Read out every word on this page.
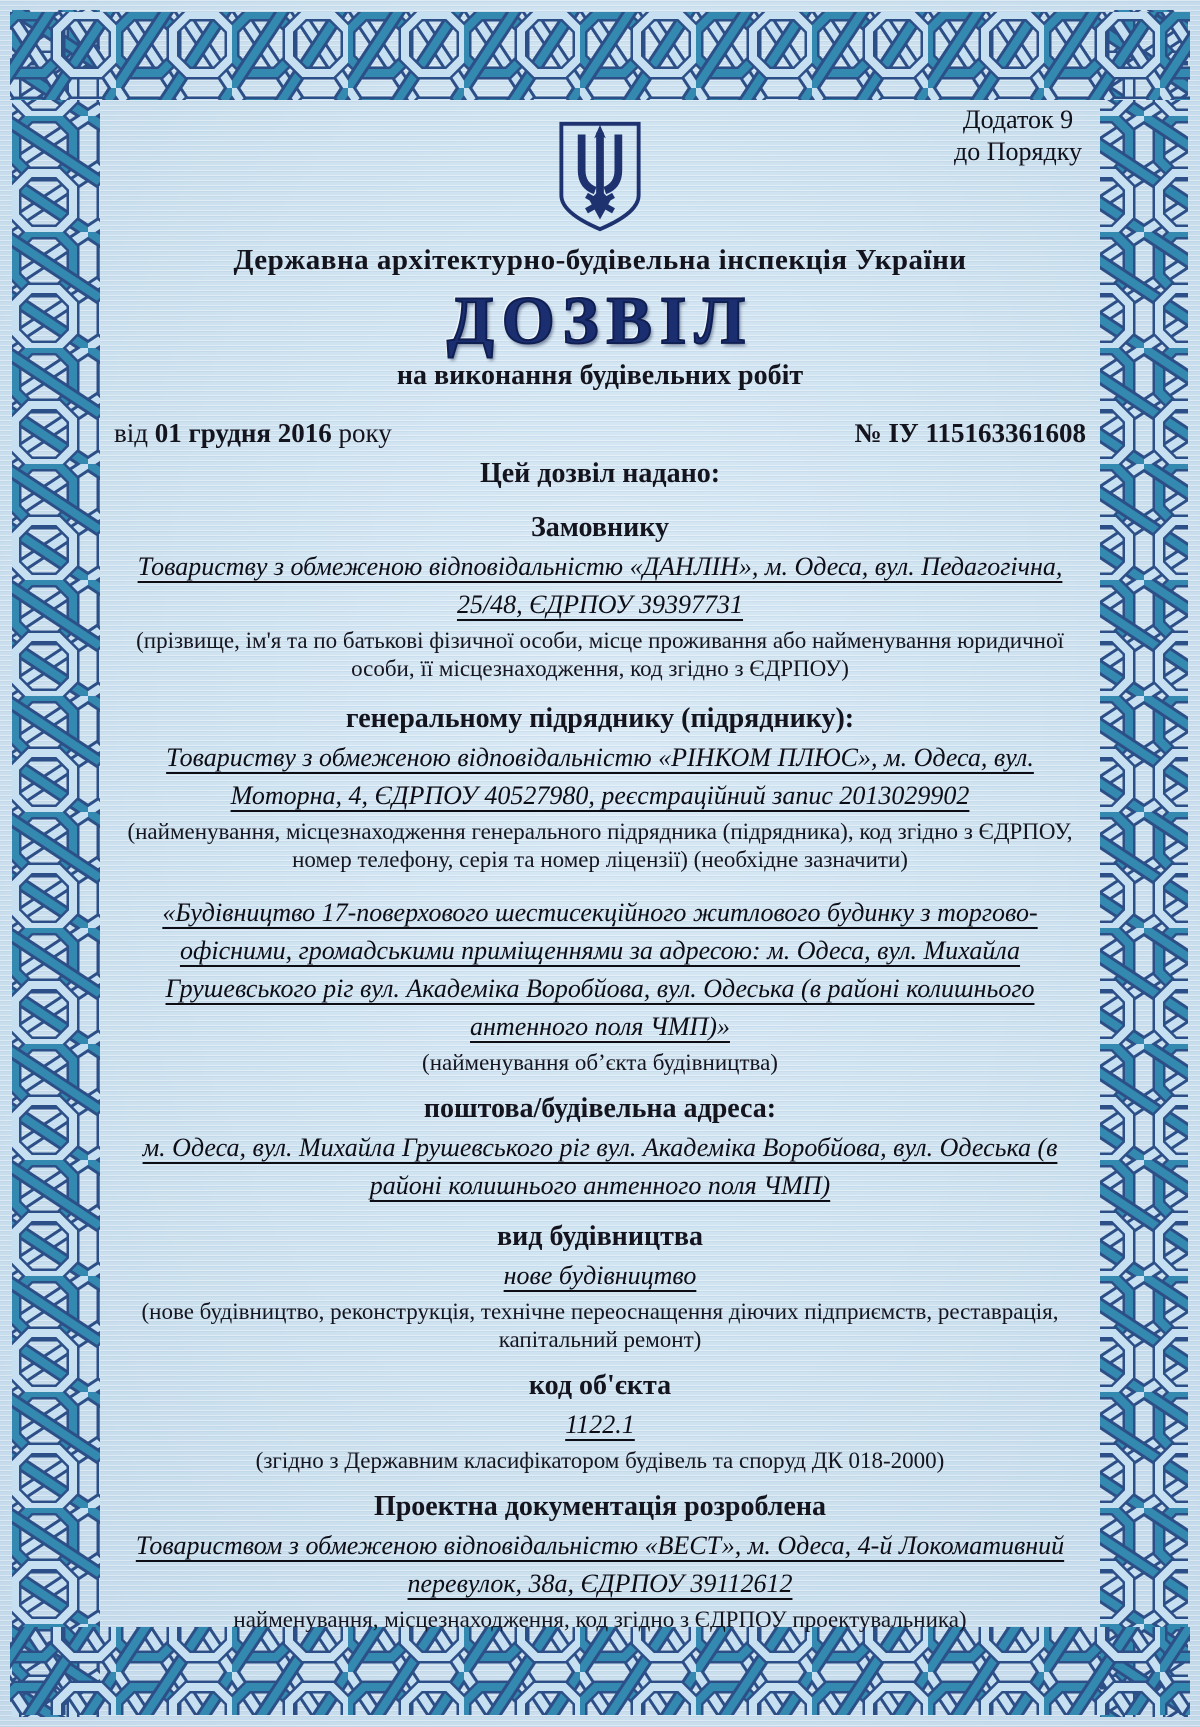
Додаток 9
до Порядку
Державна архітектурно-будівельна інспекція України
ДОЗВІЛ
на виконання будівельних робіт
від 01 грудня 2016 року	№ ІУ 115163361608
Цей дозвіл надано:
Замовнику
Товариству з обмеженою відповідальністю «ДАНЛІН», м. Одеса, вул. Педагогічна, 25/48, ЄДРПОУ 39397731
(прізвище, ім'я та по батькові фізичної особи, місце проживання або найменування юридичної особи, її місцезнаходження, код згідно з ЄДРПОУ)
генеральному підряднику (підряднику):
Товариству з обмеженою відповідальністю «РІНКОМ ПЛЮС», м. Одеса, вул. Моторна, 4, ЄДРПОУ 40527980, реєстраційний запис 2013029902
(найменування, місцезнаходження генерального підрядника (підрядника), код згідно з ЄДРПОУ, номер телефону, серія та номер ліцензії) (необхідне зазначити)
«Будівництво 17-поверхового шестисекційного житлового будинку з торгово-офісними, громадськими приміщеннями за адресою: м. Одеса, вул. Михайла Грушевського ріг вул. Академіка Воробйова, вул. Одеська (в районі колишнього антенного поля ЧМП)»
(найменування об’єкта будівництва)
поштова/будівельна адреса:
м. Одеса, вул. Михайла Грушевського ріг вул. Академіка Воробйова, вул. Одеська (в районі колишнього антенного поля ЧМП)
вид будівництва
нове будівництво
(нове будівництво, реконструкція, технічне переоснащення діючих підприємств, реставрація, капітальний ремонт)
код об'єкта
1122.1
(згідно з Державним класифікатором будівель та споруд ДК 018-2000)
Проектна документація розроблена
Товариством з обмеженою відповідальністю «ВЕСТ», м. Одеса, 4-й Локомативний перевулок, 38а, ЄДРПОУ 39112612
найменування, місцезнаходження, код згідно з ЄДРПОУ проектувальника)
